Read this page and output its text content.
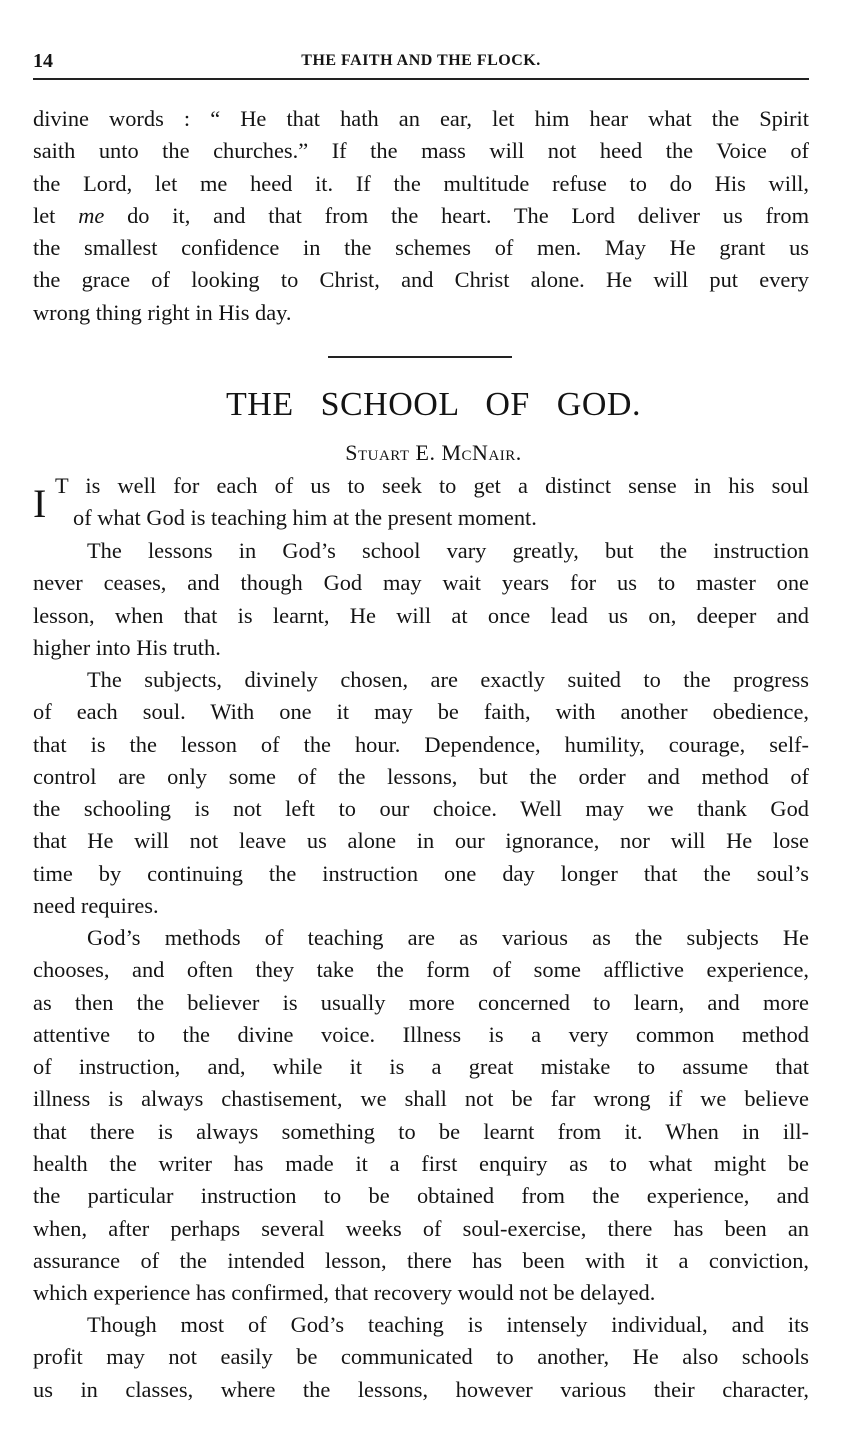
14	THE FAITH AND THE FLOCK.
divine words : “ He that hath an ear, let him hear what the Spirit
saith unto the churches.” If the mass will not heed the Voice of
the Lord, let me heed it. If the multitude refuse to do His will,
let me do it, and that from the heart. The Lord deliver us from
the smallest confidence in the schemes of men. May He grant us
the grace of looking to Christ, and Christ alone. He will put every
wrong thing right in His day.
THE SCHOOL OF GOD.
Stuart E. McNair.
I T is well for each of us to seek to get a distinct sense in his soul
of what God is teaching him at the present moment.
The lessons in God’s school vary greatly, but the instruction
never ceases, and though God may wait years for us to master one
lesson, when that is learnt, He will at once lead us on, deeper and
higher into His truth.
The subjects, divinely chosen, are exactly suited to the progress
of each soul. With one it may be faith, with another obedience,
that is the lesson of the hour. Dependence, humility, courage, self-
control are only some of the lessons, but the order and method of
the schooling is not left to our choice. Well may we thank God
that He will not leave us alone in our ignorance, nor will He lose
time by continuing the instruction one day longer that the soul’s
need requires.
God’s methods of teaching are as various as the subjects He
chooses, and often they take the form of some afflictive experience,
as then the believer is usually more concerned to learn, and more
attentive to the divine voice. Illness is a very common method
of instruction, and, while it is a great mistake to assume that
illness is always chastisement, we shall not be far wrong if we believe
that there is always something to be learnt from it. When in ill-
health the writer has made it a first enquiry as to what might be
the particular instruction to be obtained from the experience, and
when, after perhaps several weeks of soul-exercise, there has been an
assurance of the intended lesson, there has been with it a conviction,
which experience has confirmed, that recovery would not be delayed.
Though most of God’s teaching is intensely individual, and its
profit may not easily be communicated to another, He also schools
us in classes, where the lessons, however various their character,
